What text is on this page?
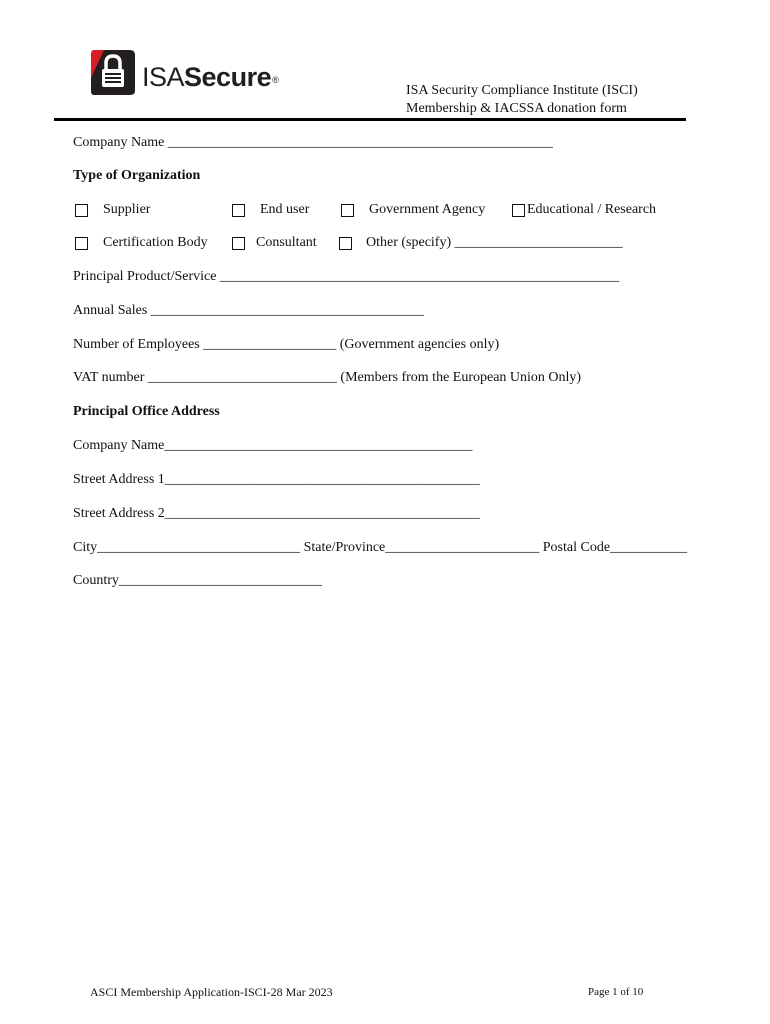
ISASecure®
ISA Security Compliance Institute (ISCI)
Membership & IACSSA donation form
Company Name _______________________________________________________
Type of Organization
Supplier	End user	Government Agency	Educational / Research
Certification Body	Consultant	Other (specify) ________________________
Principal Product/Service _________________________________________________________
Annual Sales _______________________________________
Number of Employees ___________________ (Government agencies only)
VAT number ___________________________ (Members from the European Union Only)
Principal Office Address
Company Name____________________________________________
Street Address 1_____________________________________________
Street Address 2_____________________________________________
City_____________________________ State/Province______________________ Postal Code___________
Country_____________________________
ASCI Membership Application-ISCI-28 Mar 2023	Page 1 of 10
